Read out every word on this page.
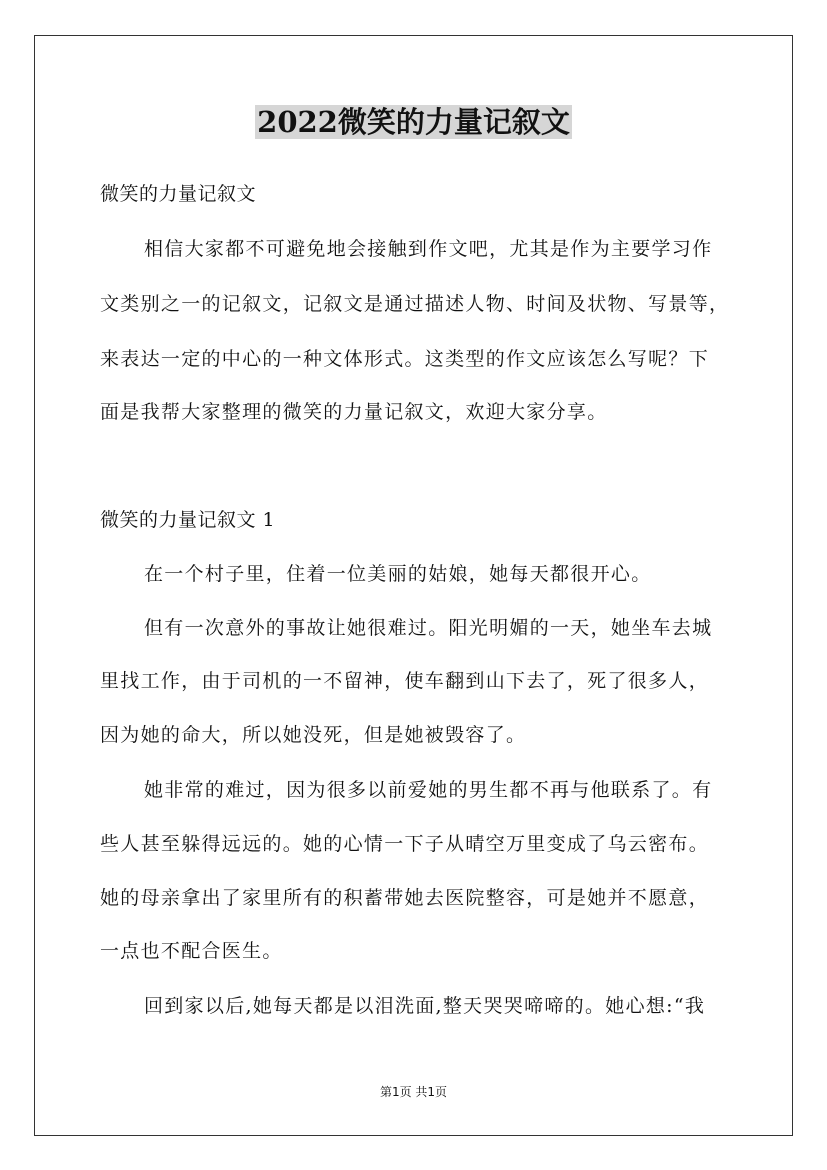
2022微笑的力量记叙文

微笑的力量记叙文

相信大家都不可避免地会接触到作文吧，尤其是作为主要学习作

文类别之一的记叙文，记叙文是通过描述人物、时间及状物、写景等，

来表达一定的中心的一种文体形式。这类型的作文应该怎么写呢？下

面是我帮大家整理的微笑的力量记叙文，欢迎大家分享。

微笑的力量记叙文 1

在一个村子里，住着一位美丽的姑娘，她每天都很开心。

但有一次意外的事故让她很难过。阳光明媚的一天，她坐车去城

里找工作，由于司机的一不留神，使车翻到山下去了，死了很多人，

因为她的命大，所以她没死，但是她被毁容了。

她非常的难过，因为很多以前爱她的男生都不再与他联系了。有

些人甚至躲得远远的。她的心情一下子从晴空万里变成了乌云密布。

她的母亲拿出了家里所有的积蓄带她去医院整容，可是她并不愿意，

一点也不配合医生。

回到家以后,她每天都是以泪洗面,整天哭哭啼啼的。她心想:“我

第1页 共1页
